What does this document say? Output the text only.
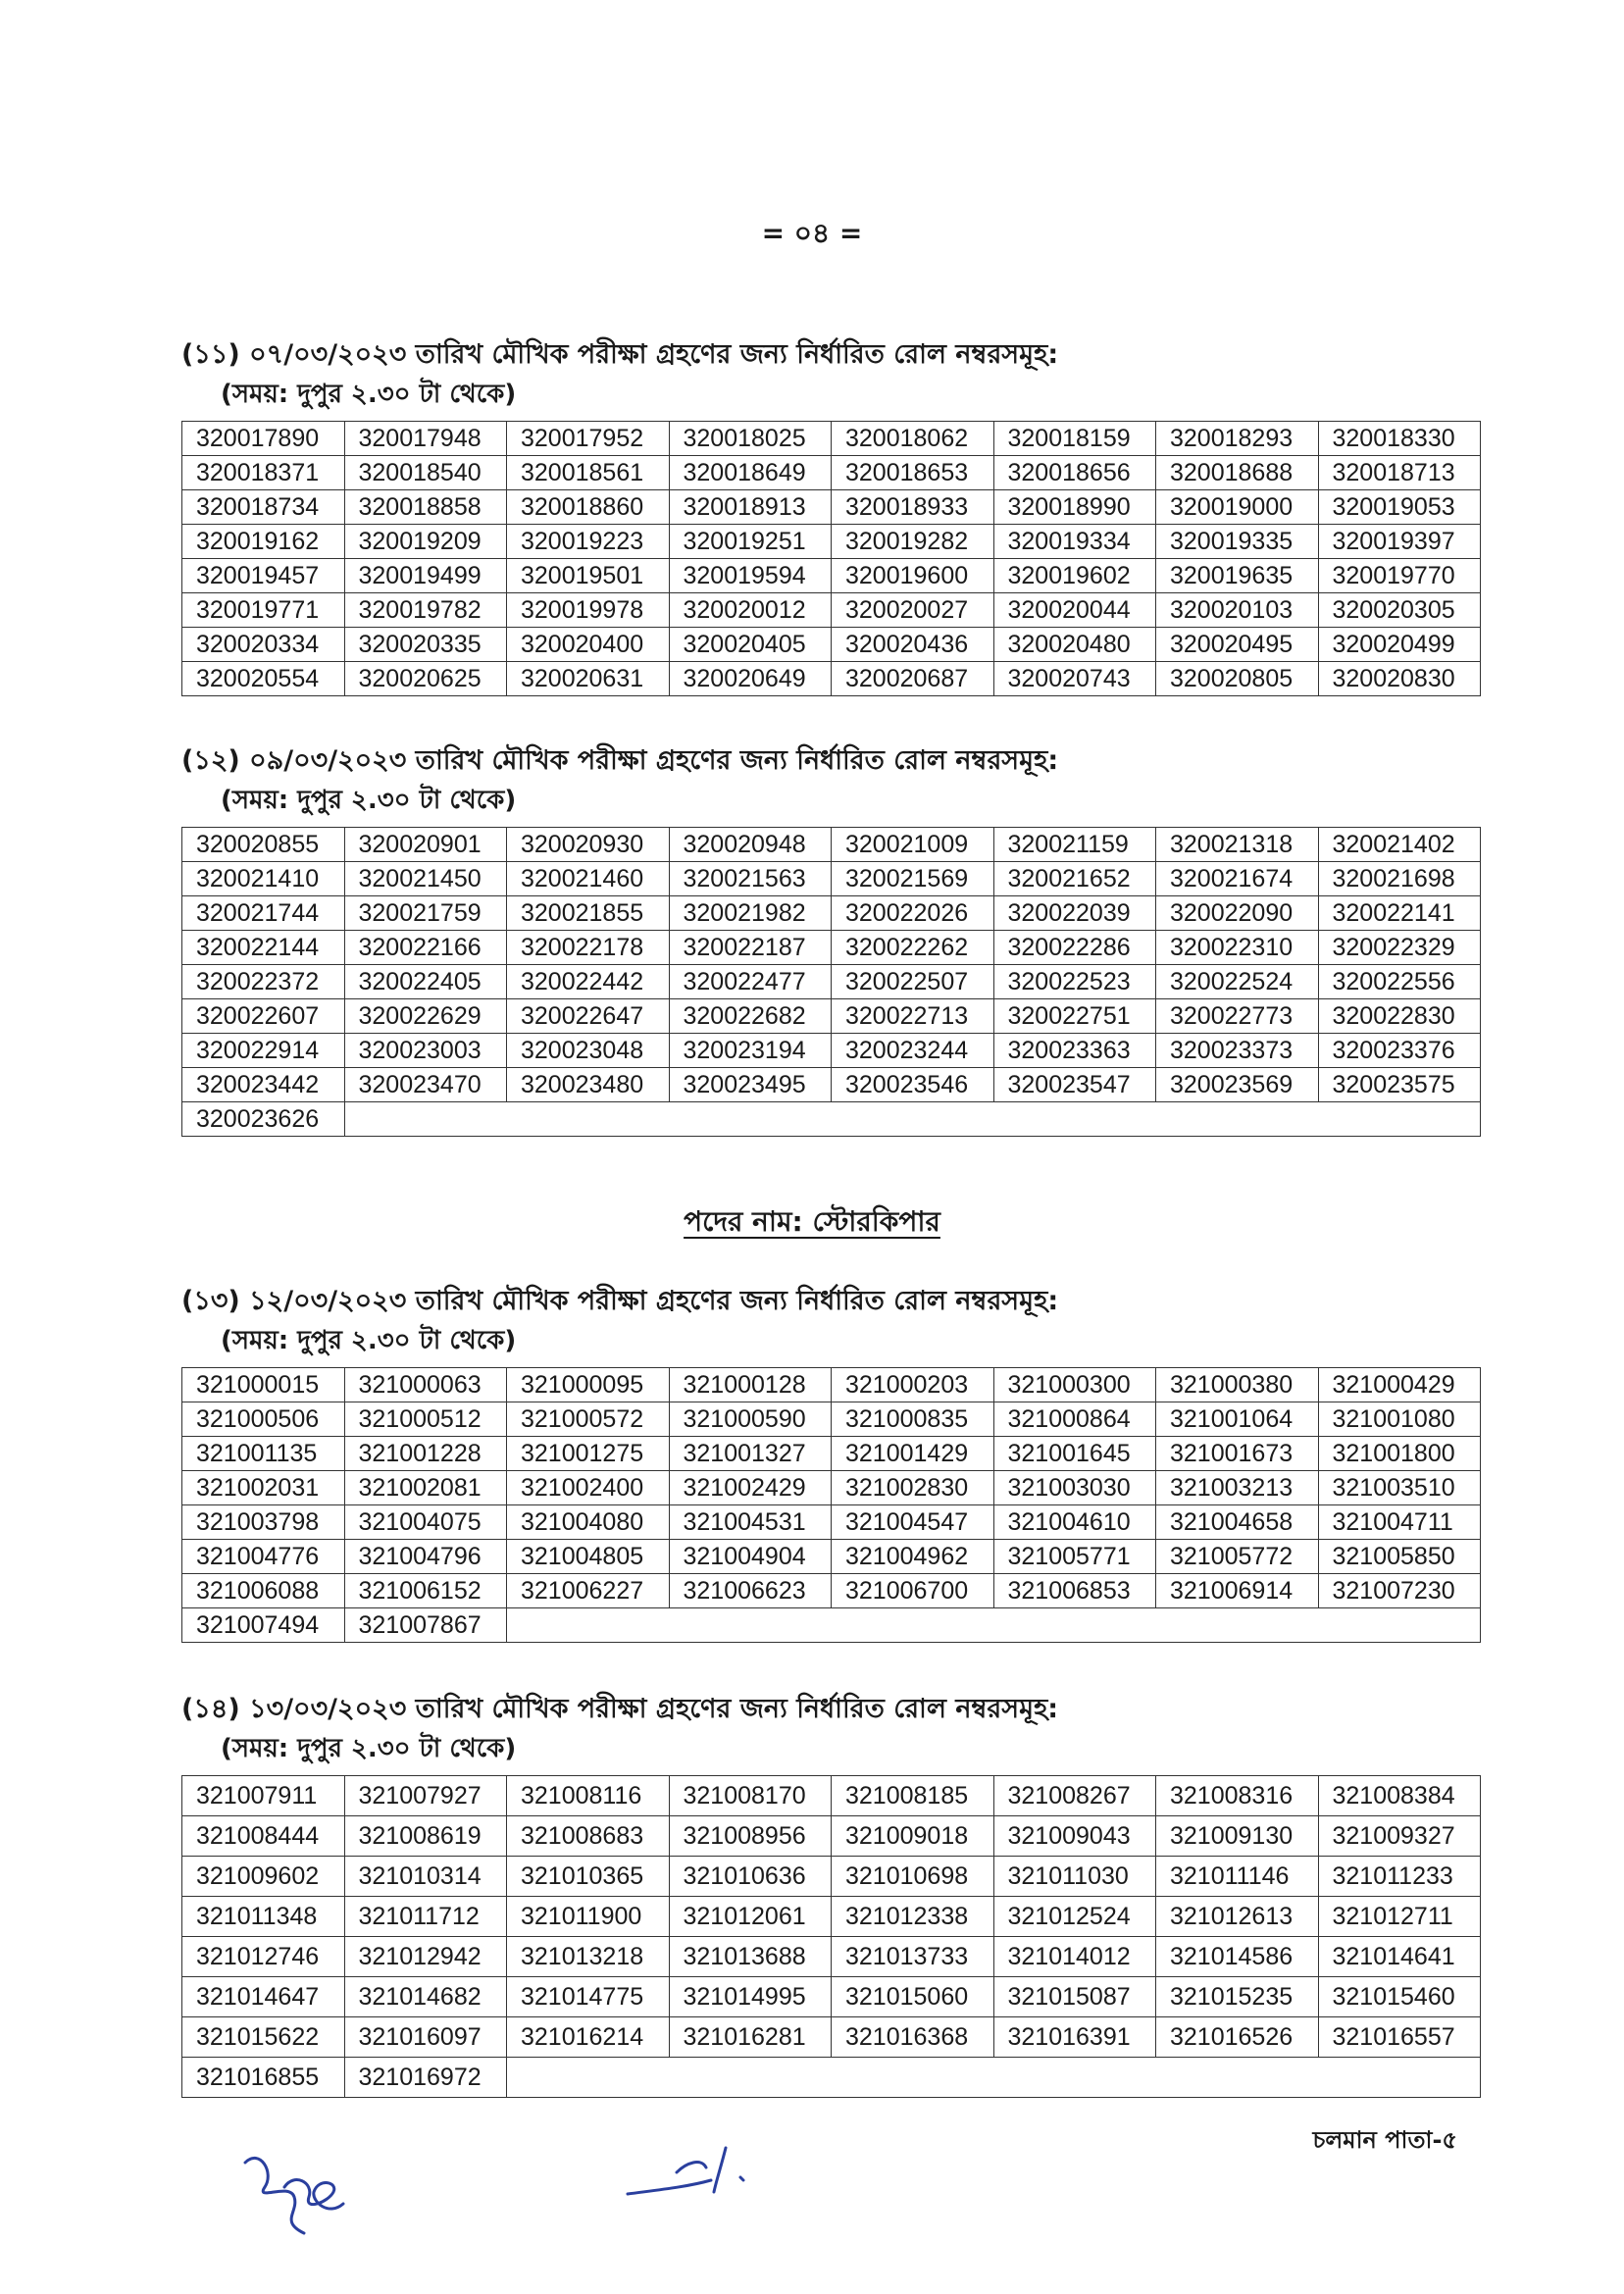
= ০৪ =

(১১) ০৭/০৩/২০২৩ তারিখ মৌখিক পরীক্ষা গ্রহণের জন্য নির্ধারিত রোল নম্বরসমূহ:

(সময়: দুপুর ২.৩০ টা থেকে)

320017890	320017948	320017952	320018025	320018062	320018159	320018293	320018330
320018371	320018540	320018561	320018649	320018653	320018656	320018688	320018713
320018734	320018858	320018860	320018913	320018933	320018990	320019000	320019053
320019162	320019209	320019223	320019251	320019282	320019334	320019335	320019397
320019457	320019499	320019501	320019594	320019600	320019602	320019635	320019770
320019771	320019782	320019978	320020012	320020027	320020044	320020103	320020305
320020334	320020335	320020400	320020405	320020436	320020480	320020495	320020499
320020554	320020625	320020631	320020649	320020687	320020743	320020805	320020830

(১২) ০৯/০৩/২০২৩ তারিখ মৌখিক পরীক্ষা গ্রহণের জন্য নির্ধারিত রোল নম্বরসমূহ:

(সময়: দুপুর ২.৩০ টা থেকে)

320020855	320020901	320020930	320020948	320021009	320021159	320021318	320021402
320021410	320021450	320021460	320021563	320021569	320021652	320021674	320021698
320021744	320021759	320021855	320021982	320022026	320022039	320022090	320022141
320022144	320022166	320022178	320022187	320022262	320022286	320022310	320022329
320022372	320022405	320022442	320022477	320022507	320022523	320022524	320022556
320022607	320022629	320022647	320022682	320022713	320022751	320022773	320022830
320022914	320023003	320023048	320023194	320023244	320023363	320023373	320023376
320023442	320023470	320023480	320023495	320023546	320023547	320023569	320023575
320023626							
পদের নাম: স্টোরকিপার

(১৩) ১২/০৩/২০২৩ তারিখ মৌখিক পরীক্ষা গ্রহণের জন্য নির্ধারিত রোল নম্বরসমূহ:

(সময়: দুপুর ২.৩০ টা থেকে)

321000015	321000063	321000095	321000128	321000203	321000300	321000380	321000429
321000506	321000512	321000572	321000590	321000835	321000864	321001064	321001080
321001135	321001228	321001275	321001327	321001429	321001645	321001673	321001800
321002031	321002081	321002400	321002429	321002830	321003030	321003213	321003510
321003798	321004075	321004080	321004531	321004547	321004610	321004658	321004711
321004776	321004796	321004805	321004904	321004962	321005771	321005772	321005850
321006088	321006152	321006227	321006623	321006700	321006853	321006914	321007230
321007494	321007867						

(১৪) ১৩/০৩/২০২৩ তারিখ মৌখিক পরীক্ষা গ্রহণের জন্য নির্ধারিত রোল নম্বরসমূহ:

(সময়: দুপুর ২.৩০ টা থেকে)

321007911	321007927	321008116	321008170	321008185	321008267	321008316	321008384
321008444	321008619	321008683	321008956	321009018	321009043	321009130	321009327
321009602	321010314	321010365	321010636	321010698	321011030	321011146	321011233
321011348	321011712	321011900	321012061	321012338	321012524	321012613	321012711
321012746	321012942	321013218	321013688	321013733	321014012	321014586	321014641
321014647	321014682	321014775	321014995	321015060	321015087	321015235	321015460
321015622	321016097	321016214	321016281	321016368	321016391	321016526	321016557
321016855	321016972						
চলমান পাতা-৫
